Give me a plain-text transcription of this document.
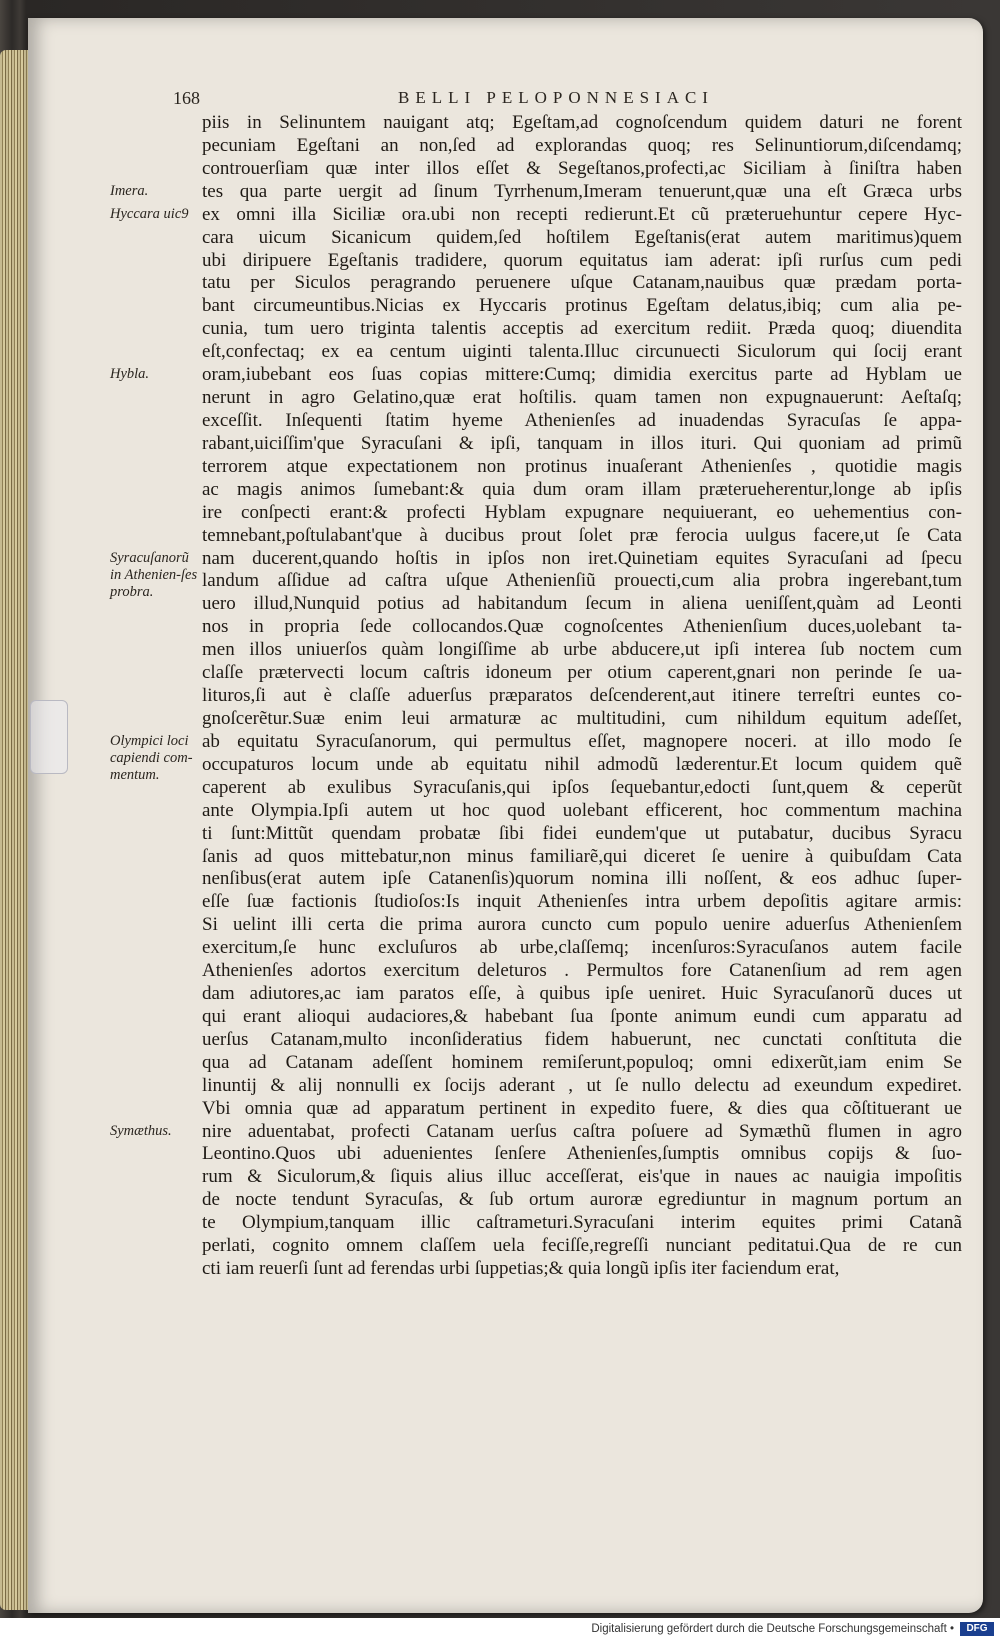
168	BELLI PELOPONNESIACI
piis in Selinuntem nauigant atq; Egeſtam,ad cognoſcendum quidem daturi ne forent
pecuniam Egeſtani an non,ſed ad explorandas quoq; res Selinuntiorum,diſcendamq;
controuerſiam quæ inter illos eſſet & Segeſtanos,profecti,ac Siciliam à ſiniſtra haben
tes qua parte uergit ad ſinum Tyrrhenum,Imeram tenuerunt,quæ una eſt Græca urbs
ex omni illa Siciliæ ora.ubi non recepti redierunt.Et cũ præteruehuntur cepere Hyc-
cara uicum Sicanicum quidem,ſed hoſtilem Egeſtanis(erat autem maritimus)quem
ubi diripuere Egeſtanis tradidere, quorum equitatus iam aderat: ipſi rurſus cum pedi
tatu per Siculos peragrando peruenere uſque Catanam,nauibus quæ prædam porta-
bant circumeuntibus.Nicias ex Hyccaris protinus Egeſtam delatus,ibiq; cum alia pe-
cunia, tum uero triginta talentis acceptis ad exercitum rediit. Præda quoq; diuendita
eſt,confectaq; ex ea centum uiginti talenta.Illuc circunuecti Siculorum qui ſocij erant
oram,iubebant eos ſuas copias mittere:Cumq; dimidia exercitus parte ad Hyblam ue
nerunt in agro Gelatino,quæ erat hoſtilis. quam tamen non expugnauerunt: Aeſtaſq;
exceſſit. Inſequenti ſtatim hyeme Athenienſes ad inuadendas Syracuſas ſe appa-
rabant,uiciſſim'que Syracuſani & ipſi, tanquam in illos ituri. Qui quoniam ad primũ
terrorem atque expectationem non protinus inuaſerant Athenienſes , quotidie magis
ac magis animos ſumebant:& quia dum oram illam præterueherentur,longe ab ipſis
ire conſpecti erant:& profecti Hyblam expugnare nequiuerant, eo uehementius con-
temnebant,poſtulabant'que à ducibus prout ſolet præ ferocia uulgus facere,ut ſe Cata
nam ducerent,quando hoſtis in ipſos non iret.Quinetiam equites Syracuſani ad ſpecu
landum aſſidue ad caſtra uſque Athenienſiũ prouecti,cum alia probra ingerebant,tum
uero illud,Nunquid potius ad habitandum ſecum in aliena ueniſſent,quàm ad Leonti
nos in propria ſede collocandos.Quæ cognoſcentes Athenienſium duces,uolebant ta-
men illos uniuerſos quàm longiſſime ab urbe abducere,ut ipſi interea ſub noctem cum
claſſe prætervecti locum caſtris idoneum per otium caperent,gnari non perinde ſe ua-
lituros,ſi aut è claſſe aduerſus præparatos deſcenderent,aut itinere terreſtri euntes co-
gnoſcerẽtur.Suæ enim leui armaturæ ac multitudini, cum nihildum equitum adeſſet,
ab equitatu Syracuſanorum, qui permultus eſſet, magnopere noceri. at illo modo ſe
occupaturos locum unde ab equitatu nihil admodũ læderentur.Et locum quidem quẽ
caperent ab exulibus Syracuſanis,qui ipſos ſequebantur,edocti ſunt,quem & ceperũt
ante Olympia.Ipſi autem ut hoc quod uolebant efficerent, hoc commentum machina
ti ſunt:Mittũt quendam probatæ ſibi fidei eundem'que ut putabatur, ducibus Syracu
ſanis ad quos mittebatur,non minus familiarẽ,qui diceret ſe uenire à quibuſdam Cata
nenſibus(erat autem ipſe Catanenſis)quorum nomina illi noſſent, & eos adhuc ſuper-
eſſe ſuæ factionis ſtudioſos:Is inquit Athenienſes intra urbem depoſitis agitare armis:
Si uelint illi certa die prima aurora cuncto cum populo uenire aduerſus Athenienſem
exercitum,ſe hunc excluſuros ab urbe,claſſemq; incenſuros:Syracuſanos autem facile
Athenienſes adortos exercitum deleturos . Permultos fore Catanenſium ad rem agen
dam adiutores,ac iam paratos eſſe, à quibus ipſe ueniret. Huic Syracuſanorũ duces ut
qui erant alioqui audaciores,& habebant ſua ſponte animum eundi cum apparatu ad
uerſus Catanam,multo inconſideratius fidem habuerunt, nec cunctati conſtituta die
qua ad Catanam adeſſent hominem remiſerunt,populoq; omni edixerũt,iam enim Se
linuntij & alij nonnulli ex ſocijs aderant , ut ſe nullo delectu ad exeundum expediret.
Vbi omnia quæ ad apparatum pertinent in expedito fuere, & dies qua cõſtituerant ue
nire aduentabat, profecti Catanam uerſus caſtra poſuere ad Symæthũ flumen in agro
Leontino.Quos ubi aduenientes ſenſere Athenienſes,ſumptis omnibus copijs & ſuo-
rum & Siculorum,& ſiquis alius illuc acceſſerat, eis'que in naues ac nauigia impoſitis
de nocte tendunt Syracuſas, & ſub ortum auroræ egrediuntur in magnum portum an
te Olympium,tanquam illic caſtrameturi.Syracuſani interim equites primi Catanã
perlati, cognito omnem claſſem uela feciſſe,regreſſi nunciant peditatui.Qua de re cun
cti iam reuerſi ſunt ad ferendas urbi ſuppetias;& quia longũ ipſis iter faciendum erat,
Imera.
Hyccara uic9
Hybla.
Syracuſanorũ in Athenien-ſes probra.
Olympici loci capiendi com-mentum.
Symæthus.
Digitalisierung gefördert durch die Deutsche Forschungsgemeinschaft •	DFG
